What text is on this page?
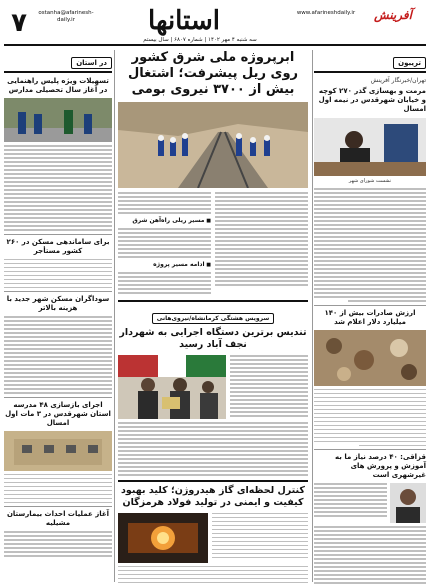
۷	ostanha@afarinesh-daily.ir	استانها	www.afarineshdaily.ir	آفرینش
سه شنبه ۴ مهر ۱۴۰۲ | شماره ۶۸۰۷ | سال بیستم
تریبون
تهران/خبرنگار آفرینش
مرمت و بهسازی گذر ۲۷۰ کوچه و خیابان شهرقدس در نیمه اول امسال
نشست شورای شهر
ارزش صادرات بیش از ۱۴۰ میلیارد دلار اعلام شد
قزاقی: ۴۰ درصد نیاز ما به آموزش و پرورش های غیرشهری است
ابرپروژه ملی شرق کشور روی ریل پیشرفت؛ اشتغال بیش از ۳۷۰۰ نیروی بومی
■ مسیر ریلی راه‌آهن شرق
■ ادامه مسیر پروژه
سرویس هشتگی کرمانشاه/نیروی‌هانی
تندیس برترین دستگاه اجرایی به شهردار نجف آباد رسید
کنترل لحظه‌ای گاز هیدروژن؛ کلید بهبود کیفیت و ایمنی در تولید فولاد هرمزگان
در استان
تسهیلات ویژه پلیس راهنمایی در آغاز سال تحصیلی مدارس
برای ساماندهی مسکن در ۲۶۰ کشور مستأجر
سوداگران مسکن شهر جدید با هزینه بالاتر
اجرای بازسازی ۴۸ مدرسه استان شهرقدس در ۳ مات اول امسال
آغاز عملیات احداث بیمارستان مشیلیه
